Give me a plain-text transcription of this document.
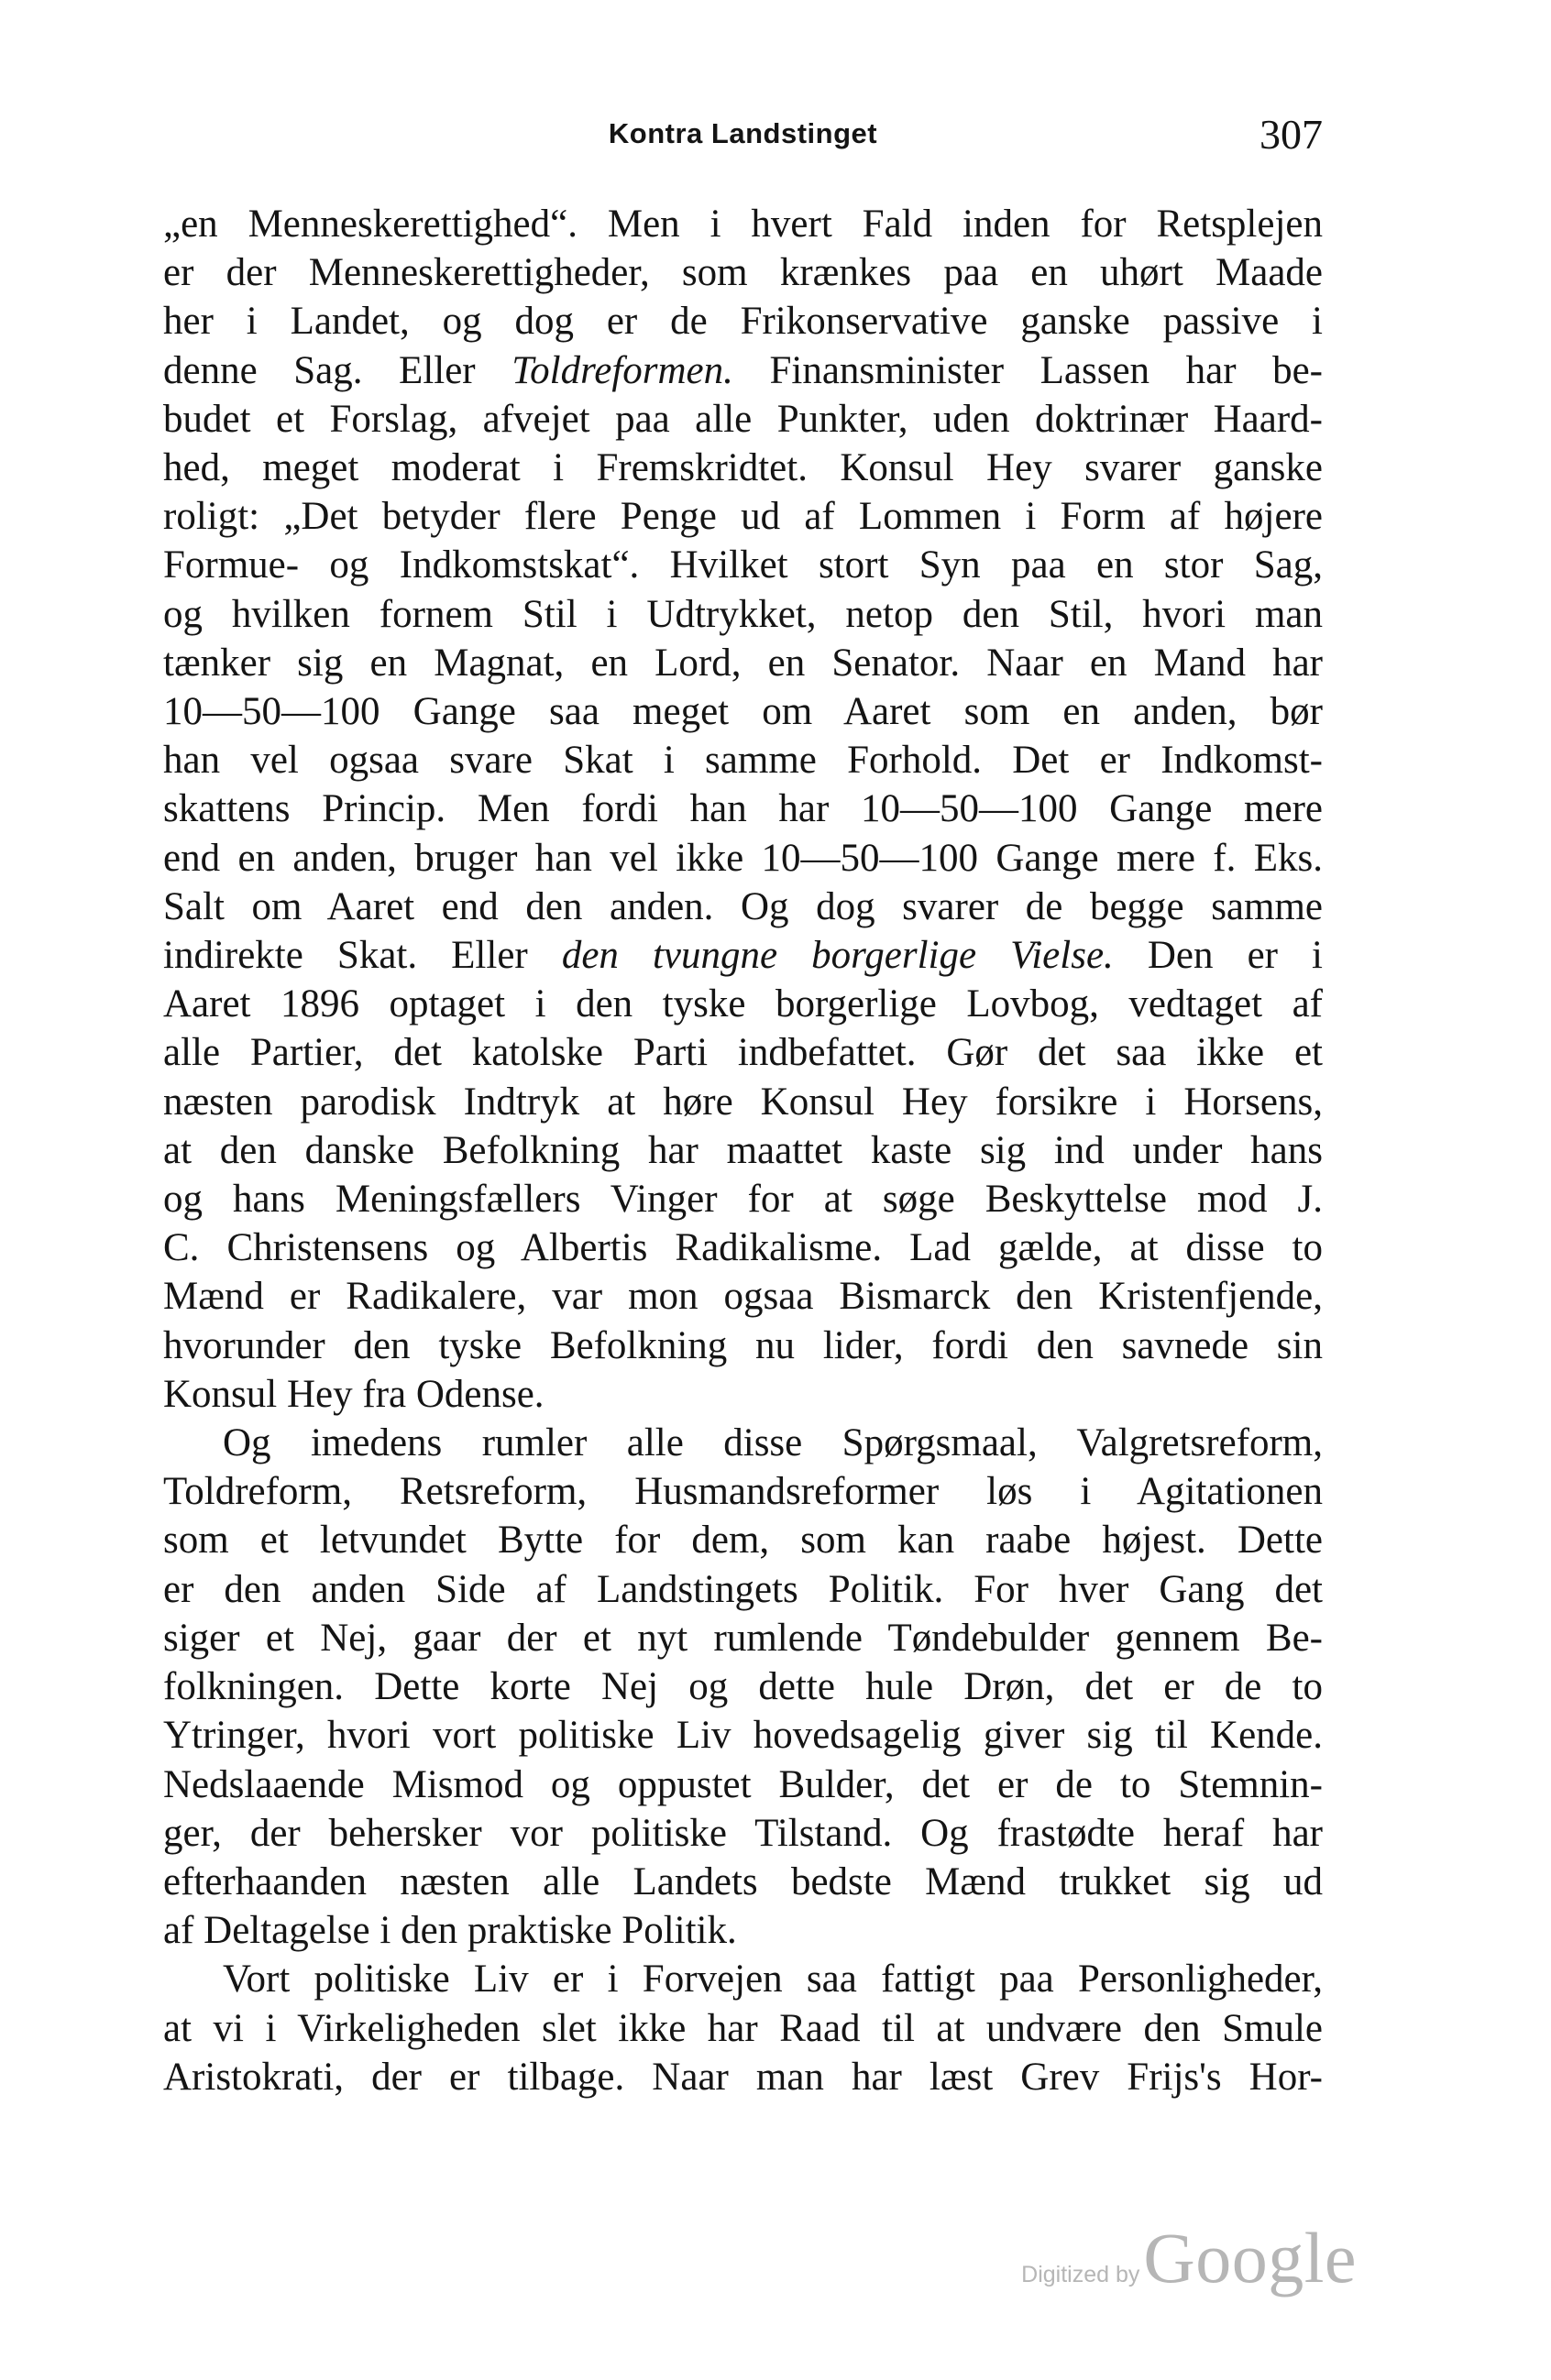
Kontra Landstinget	307
„en Menneskerettighed“. Men i hvert Fald inden for Retsplejen
er der Menneskerettigheder, som krænkes paa en uhørt Maade
her i Landet, og dog er de Frikonservative ganske passive i
denne Sag. Eller Toldreformen. Finansminister Lassen har be-
budet et Forslag, afvejet paa alle Punkter, uden doktrinær Haard-
hed, meget moderat i Fremskridtet. Konsul Hey svarer ganske
roligt: „Det betyder flere Penge ud af Lommen i Form af højere
Formue- og Indkomstskat“. Hvilket stort Syn paa en stor Sag,
og hvilken fornem Stil i Udtrykket, netop den Stil, hvori man
tænker sig en Magnat, en Lord, en Senator. Naar en Mand har
10—50—100 Gange saa meget om Aaret som en anden, bør
han vel ogsaa svare Skat i samme Forhold. Det er Indkomst-
skattens Princip. Men fordi han har 10—50—100 Gange mere
end en anden, bruger han vel ikke 10—50—100 Gange mere f. Eks.
Salt om Aaret end den anden. Og dog svarer de begge samme
indirekte Skat. Eller den tvungne borgerlige Vielse. Den er i
Aaret 1896 optaget i den tyske borgerlige Lovbog, vedtaget af
alle Partier, det katolske Parti indbefattet. Gør det saa ikke et
næsten parodisk Indtryk at høre Konsul Hey forsikre i Horsens,
at den danske Befolkning har maattet kaste sig ind under hans
og hans Meningsfællers Vinger for at søge Beskyttelse mod J.
C. Christensens og Albertis Radikalisme. Lad gælde, at disse to
Mænd er Radikalere, var mon ogsaa Bismarck den Kristenfjende,
hvorunder den tyske Befolkning nu lider, fordi den savnede sin
Konsul Hey fra Odense.
Og imedens rumler alle disse Spørgsmaal, Valgretsreform,
Toldreform, Retsreform, Husmandsreformer løs i Agitationen
som et letvundet Bytte for dem, som kan raabe højest. Dette
er den anden Side af Landstingets Politik. For hver Gang det
siger et Nej, gaar der et nyt rumlende Tøndebulder gennem Be-
folkningen. Dette korte Nej og dette hule Drøn, det er de to
Ytringer, hvori vort politiske Liv hovedsagelig giver sig til Kende.
Nedslaaende Mismod og oppustet Bulder, det er de to Stemnin-
ger, der behersker vor politiske Tilstand. Og frastødte heraf har
efterhaanden næsten alle Landets bedste Mænd trukket sig ud
af Deltagelse i den praktiske Politik.
Vort politiske Liv er i Forvejen saa fattigt paa Personligheder,
at vi i Virkeligheden slet ikke har Raad til at undvære den Smule
Aristokrati, der er tilbage. Naar man har læst Grev Frijs's Hor-
Digitized byGoogle
